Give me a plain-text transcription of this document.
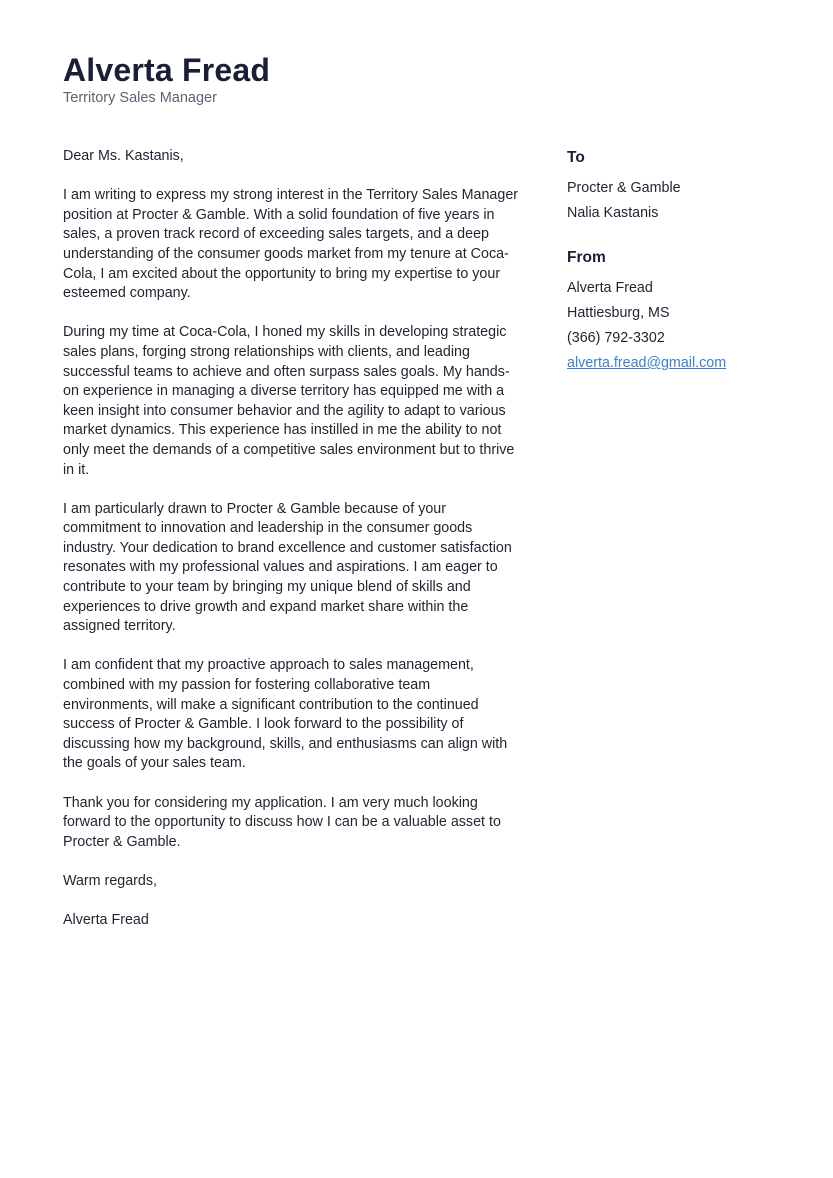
Alverta Fread
Territory Sales Manager

Dear Ms. Kastanis,

I am writing to express my strong interest in the Territory Sales Manager position at Procter & Gamble. With a solid foundation of five years in sales, a proven track record of exceeding sales targets, and a deep understanding of the consumer goods market from my tenure at Coca-Cola, I am excited about the opportunity to bring my expertise to your esteemed company.

During my time at Coca-Cola, I honed my skills in developing strategic sales plans, forging strong relationships with clients, and leading successful teams to achieve and often surpass sales goals. My hands-on experience in managing a diverse territory has equipped me with a keen insight into consumer behavior and the agility to adapt to various market dynamics. This experience has instilled in me the ability to not only meet the demands of a competitive sales environment but to thrive in it.

I am particularly drawn to Procter & Gamble because of your commitment to innovation and leadership in the consumer goods industry. Your dedication to brand excellence and customer satisfaction resonates with my professional values and aspirations. I am eager to contribute to your team by bringing my unique blend of skills and experiences to drive growth and expand market share within the assigned territory.

I am confident that my proactive approach to sales management, combined with my passion for fostering collaborative team environments, will make a significant contribution to the continued success of Procter & Gamble. I look forward to the possibility of discussing how my background, skills, and enthusiasms can align with the goals of your sales team.

Thank you for considering my application. I am very much looking forward to the opportunity to discuss how I can be a valuable asset to Procter & Gamble.

Warm regards,

Alverta Fread

To
Procter & Gamble
Nalia Kastanis
From
Alverta Fread
Hattiesburg, MS
(366) 792-3302
alverta.fread@gmail.com
